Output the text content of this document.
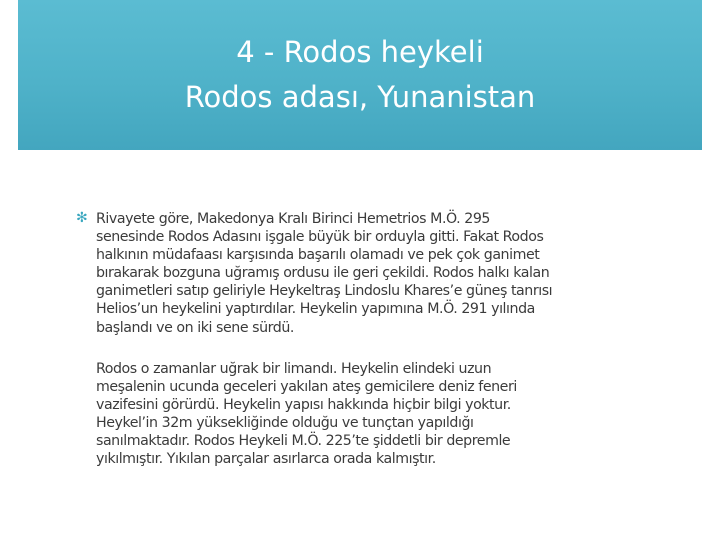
4 - Rodos heykeli
Rodos adası, Yunanistan
✻ Rivayete göre, Makedonya Kralı Birinci Hemetrios M.Ö. 295
senesinde Rodos Adasını işgale büyük bir orduyla gitti. Fakat Rodos
halkının müdafaası karşısında başarılı olamadı ve pek çok ganimet
bırakarak bozguna uğramış ordusu ile geri çekildi. Rodos halkı kalan
ganimetleri satıp geliriyle Heykeltraş Lindoslu Khares’e güneş tanrısı
Helios’un heykelini yaptırdılar. Heykelin yapımına M.Ö. 291 yılında
başlandı ve on iki sene sürdü.
Rodos o zamanlar uğrak bir limandı. Heykelin elindeki uzun
meşalenin ucunda geceleri yakılan ateş gemicilere deniz feneri
vazifesini görürdü. Heykelin yapısı hakkında hiçbir bilgi yoktur.
Heykel’in 32m yüksekliğinde olduğu ve tunçtan yapıldığı
sanılmaktadır. Rodos Heykeli M.Ö. 225’te şiddetli bir depremle
yıkılmıştır. Yıkılan parçalar asırlarca orada kalmıştır.
